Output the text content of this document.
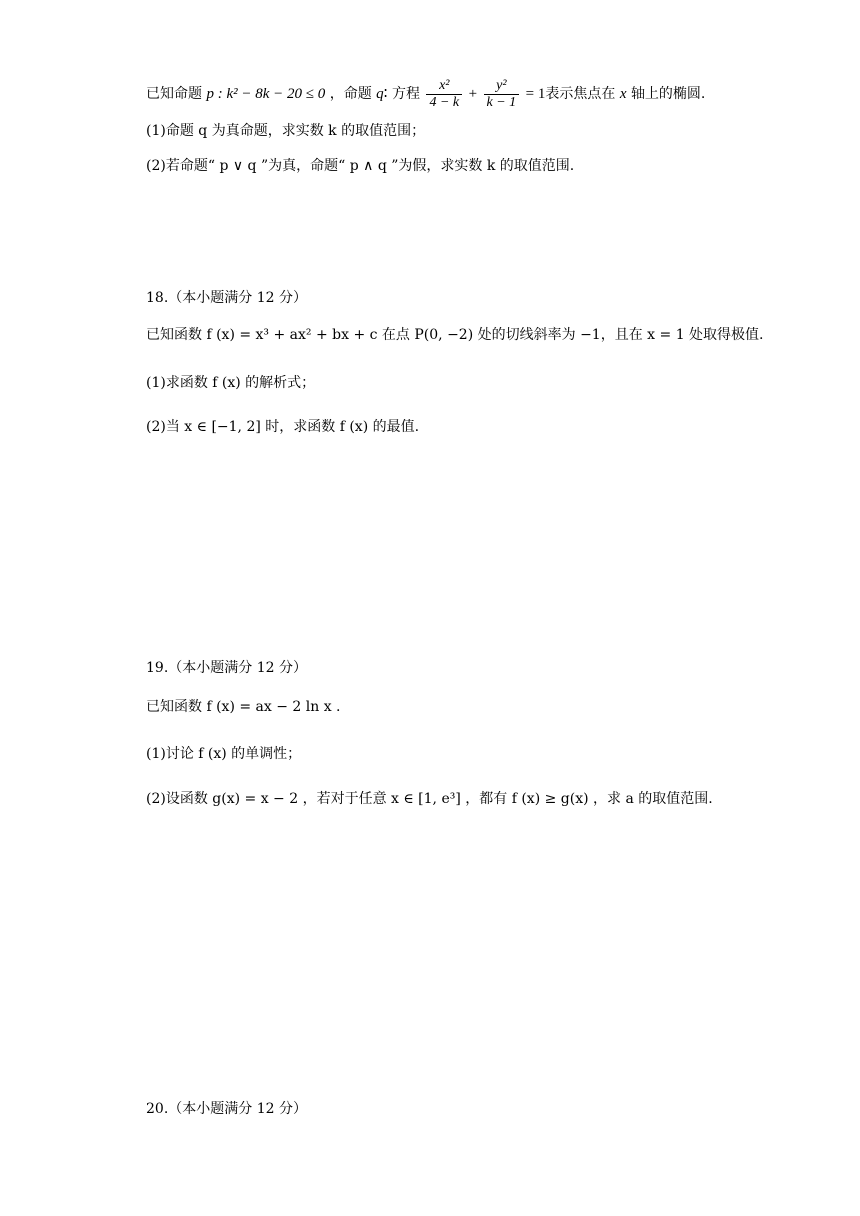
已知命题 p : k² − 8k − 20 ≤ 0 ，命题 q∶ 方程 $\frac{\text{x²}}{4 - k} + \frac{\text{y²}}{k - 1} = 1$表示焦点在 x 轴上的椭圆.
(1)命题 q 为真命题，求实数 k 的取值范围；
(2)若命题“ p ∨ q ”为真，命题“ p ∧ q ”为假，求实数 k 的取值范围.
18.（本小题满分 12 分）
已知函数 f (x) = x³ + ax² + bx + c 在点 P(0, −2) 处的切线斜率为 −1，且在 x = 1 处取得极值.
(1)求函数 f (x) 的解析式；
(2)当 x ∈ [−1, 2] 时，求函数 f (x) 的最值.
19.（本小题满分 12 分）
已知函数 f (x) = ax − 2 ln x .
(1)讨论 f (x) 的单调性；
(2)设函数 g(x) = x − 2 ，若对于任意 x ∈ [1, e³] ，都有 f (x) ≥ g(x) ，求 a 的取值范围.
20.（本小题满分 12 分）
